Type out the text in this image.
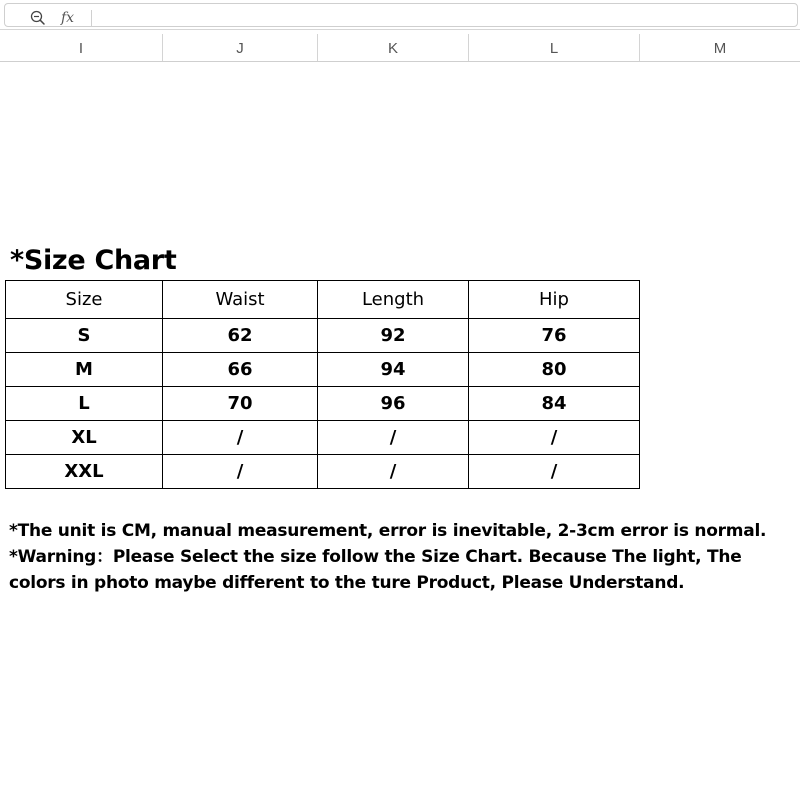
fx
I	J	K	L	M
*Size Chart
Size	Waist	Length	Hip
S	62	92	76
M	66	94	80
L	70	96	84
XL	/	/	/
XXL	/	/	/

*The unit is CM, manual measurement, error is inevitable, 2-3cm error is normal.

*Warning：Please Select the size follow the Size Chart. Because The light, The colors in photo maybe different to the ture Product, Please Understand.
